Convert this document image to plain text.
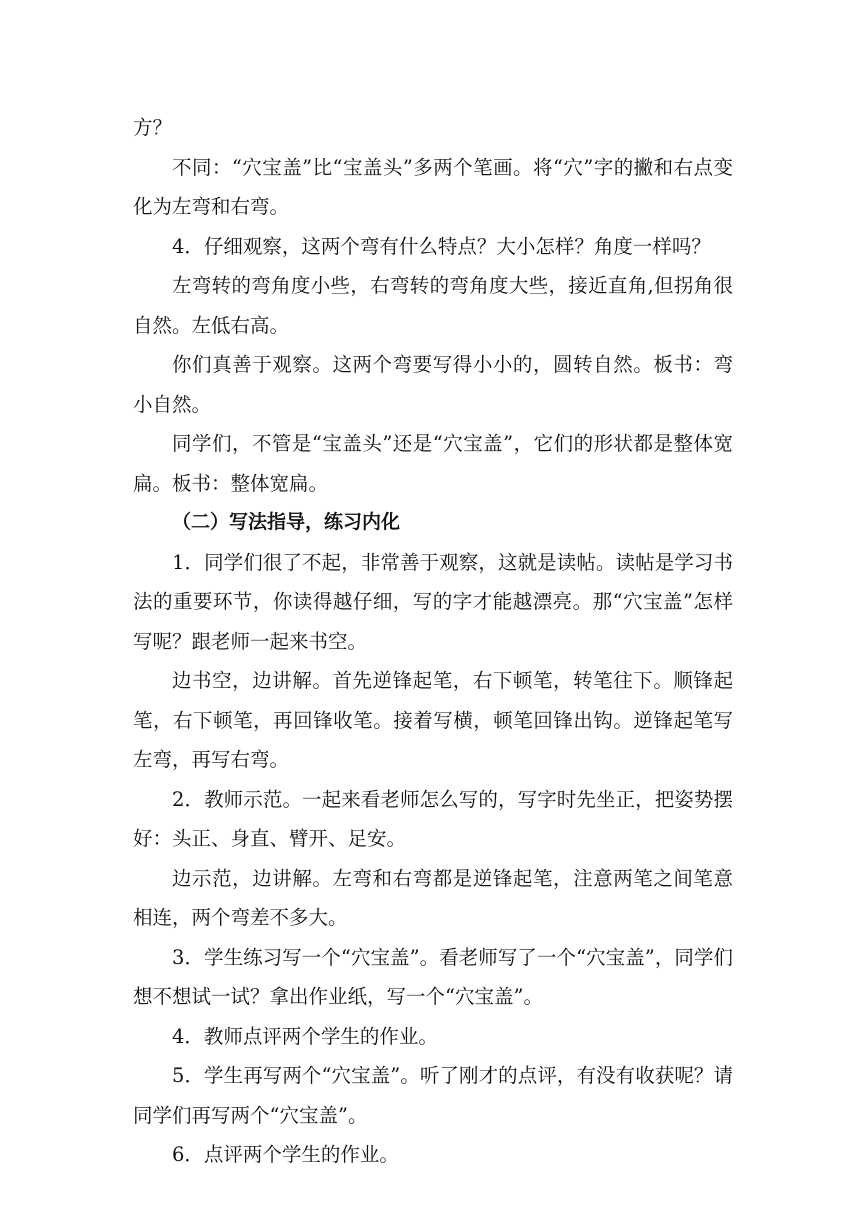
方？

不同：“穴宝盖”比“宝盖头”多两个笔画。将“穴”字的撇和右点变化为左弯和右弯。

4．仔细观察，这两个弯有什么特点？大小怎样？角度一样吗？

左弯转的弯角度小些，右弯转的弯角度大些，接近直角,但拐角很自然。左低右高。

你们真善于观察。这两个弯要写得小小的，圆转自然。板书：弯小自然。

同学们，不管是“宝盖头”还是“穴宝盖”，它们的形状都是整体宽扁。板书：整体宽扁。

（二）写法指导，练习内化

1．同学们很了不起，非常善于观察，这就是读帖。读帖是学习书法的重要环节，你读得越仔细，写的字才能越漂亮。那“穴宝盖”怎样写呢？跟老师一起来书空。

边书空，边讲解。首先逆锋起笔，右下顿笔，转笔往下。顺锋起笔，右下顿笔，再回锋收笔。接着写横，顿笔回锋出钩。逆锋起笔写左弯，再写右弯。

2．教师示范。一起来看老师怎么写的，写字时先坐正，把姿势摆好：头正、身直、臂开、足安。

边示范，边讲解。左弯和右弯都是逆锋起笔，注意两笔之间笔意相连，两个弯差不多大。

3．学生练习写一个“穴宝盖”。看老师写了一个“穴宝盖”，同学们想不想试一试？拿出作业纸，写一个“穴宝盖”。

4．教师点评两个学生的作业。

5．学生再写两个“穴宝盖”。听了刚才的点评，有没有收获呢？请同学们再写两个“穴宝盖”。

6．点评两个学生的作业。
